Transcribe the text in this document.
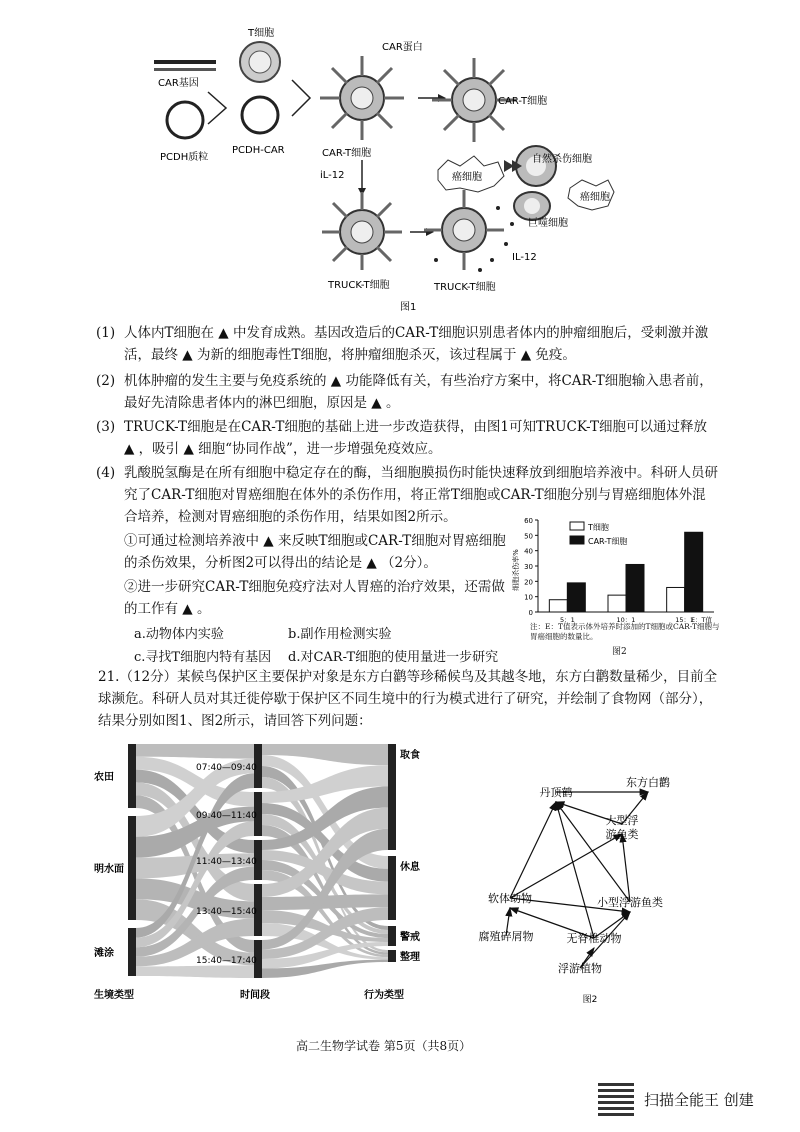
CAR基因
PCDH质粒
T细胞
PCDH-CAR
CAR蛋白
CAR-T细胞
CAR-T细胞
iL-12
TRUCK-T细胞	TRUCK-T细胞
IL-12
癌细胞
自然杀伤细胞
巨噬细胞
癌细胞
图1
(1) 人体内T细胞在 ▲ 中发育成熟。基因改造后的CAR-T细胞识别患者体内的肿瘤细胞后，受刺激并激活，最终 ▲ 为新的细胞毒性T细胞，将肿瘤细胞杀灭，该过程属于 ▲ 免疫。
(2) 机体肿瘤的发生主要与免疫系统的 ▲ 功能降低有关，有些治疗方案中，将CAR-T细胞输入患者前，最好先清除患者体内的淋巴细胞，原因是 ▲ 。
(3) TRUCK-T细胞是在CAR-T细胞的基础上进一步改造获得，由图1可知TRUCK-T细胞可以通过释放 ▲ ，吸引 ▲ 细胞“协同作战”，进一步增强免疫效应。
(4) 乳酸脱氢酶是在所有细胞中稳定存在的酶，当细胞膜损伤时能快速释放到细胞培养液中。科研人员研究了CAR-T细胞对胃癌细胞在体外的杀伤作用，将正常T细胞或CAR-T细胞分别与胃癌细胞体外混合培养，检测对胃癌细胞的杀伤作用，结果如图2所示。
①可通过检测培养液中 ▲ 来反映T细胞或CAR-T细胞对胃癌细胞的杀伤效果，分析图2可以得出的结论是 ▲ （2分）。
②进一步研究CAR-T细胞免疫疗法对人胃癌的治疗效果，还需做的工作有 ▲ 。
a.动物体内实验	b.副作用检测实验
c.寻找T细胞内特有基因 d.对CAR-T细胞的使用量进一步研究
0
10
20
30
40
50
60
细胞杀伤率%
5：1	10：1	15：1
E：T值
T细胞
CAR-T细胞
注：E：T值表示体外培养时添加的T细胞或CAR-T细胞与胃癌细胞的数量比。
图2
21.（12分）某候鸟保护区主要保护对象是东方白鹳等珍稀候鸟及其越冬地，东方白鹳数量稀少，目前全球濒危。科研人员对其迁徙停歇于保护区不同生境中的行为模式进行了研究，并绘制了食物网（部分），结果分别如图1、图2所示，请回答下列问题：
农田
明水面
滩涂
07:40—09:40
09:40—11:40
11:40—13:40
13:40—15:40
15:40—17:40
取食
休息
警戒
整理
生境类型	时间段	行为类型
东方白鹳
丹顶鹤
大型浮
游鱼类
软体动物	小型浮游鱼类
腐殖碎屑物	无脊椎动物
浮游植物
图2
高二生物学试卷 第5页（共8页）
扫描全能王 创建
